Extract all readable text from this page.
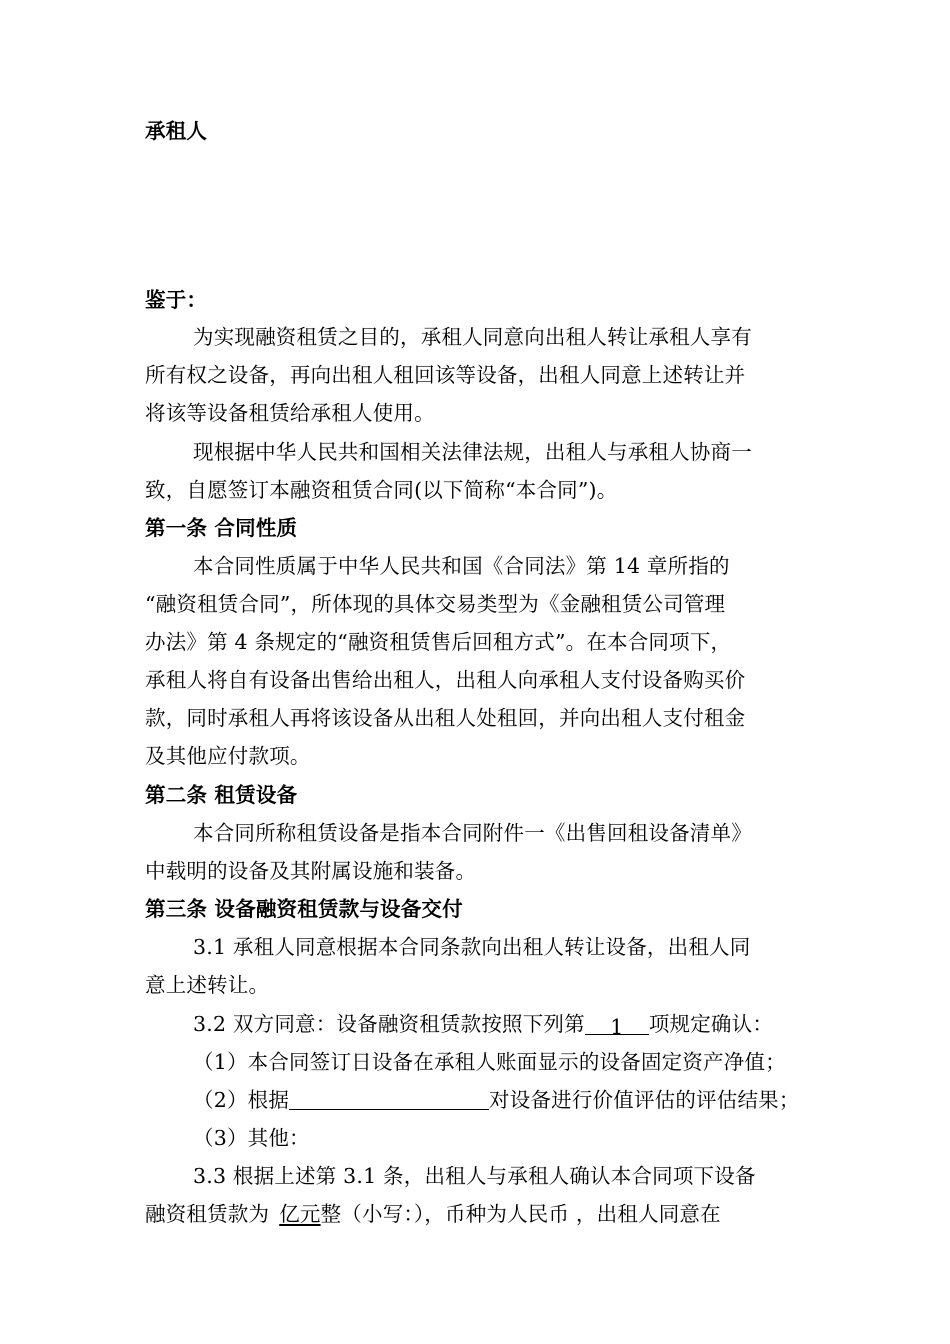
承租人
鉴于：
为实现融资租赁之目的，承租人同意向出租人转让承租人享有
所有权之设备，再向出租人租回该等设备，出租人同意上述转让并
将该等设备租赁给承租人使用。
现根据中华人民共和国相关法律法规，出租人与承租人协商一
致，自愿签订本融资租赁合同(以下简称“本合同”)。
第一条 合同性质
本合同性质属于中华人民共和国《合同法》第 14 章所指的
“融资租赁合同”，所体现的具体交易类型为《金融租赁公司管理
办法》第 4 条规定的“融资租赁售后回租方式”。在本合同项下，
承租人将自有设备出售给出租人，出租人向承租人支付设备购买价
款，同时承租人再将该设备从出租人处租回，并向出租人支付租金
及其他应付款项。
第二条 租赁设备
本合同所称租赁设备是指本合同附件一《出售回租设备清单》
中载明的设备及其附属设施和装备。
第三条 设备融资租赁款与设备交付
3.1 承租人同意根据本合同条款向出租人转让设备，出租人同
意上述转让。
3.2 双方同意：设备融资租赁款按照下列第 1 项规定确认：
（1）本合同签订日设备在承租人账面显示的设备固定资产净值；
（2）根据	对设备进行价值评估的评估结果；
（3）其他：
3.3 根据上述第 3.1 条，出租人与承租人确认本合同项下设备
融资租赁款为 亿元整（小写：），币种为人民币 ，出租人同意在
